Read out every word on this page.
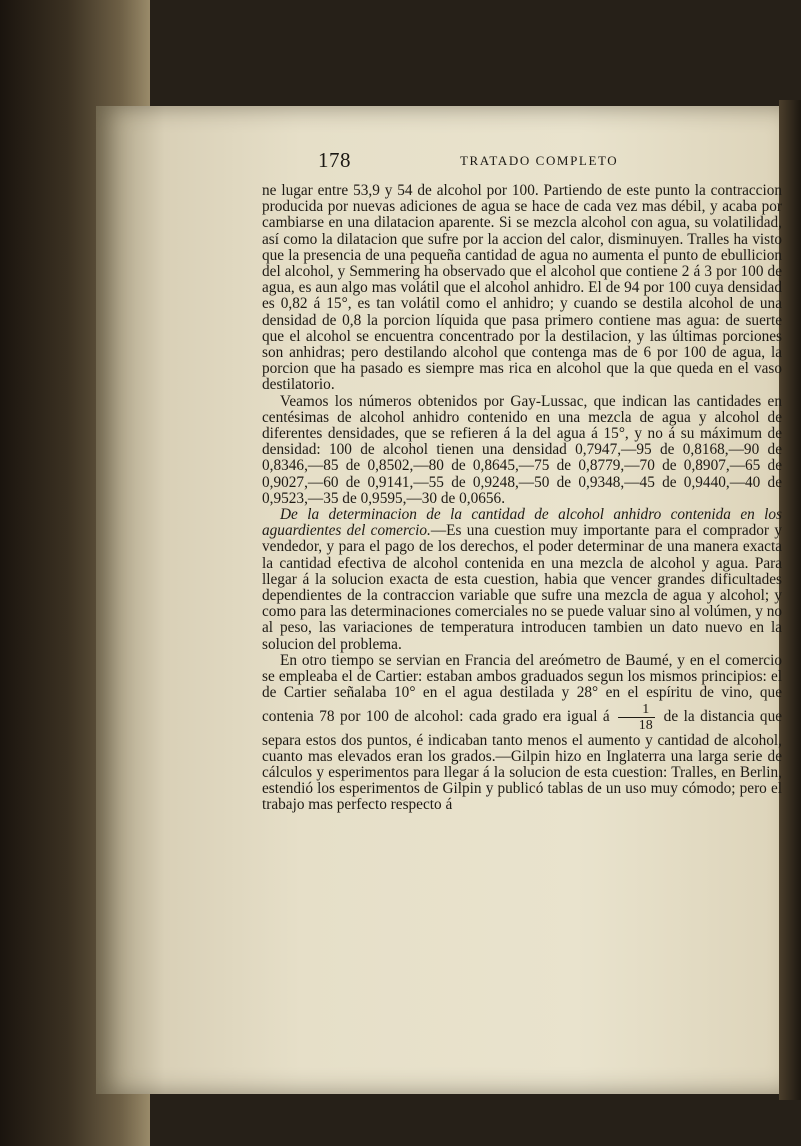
178	TRATADO COMPLETO

ne lugar entre 53,9 y 54 de alcohol por 100. Partiendo de este punto la contraccion producida por nuevas adiciones de agua se hace de cada vez mas débil, y acaba por cambiarse en una dilatacion aparente. Si se mezcla alcohol con agua, su volatilidad, así como la dilatacion que sufre por la accion del calor, disminuyen. Tralles ha visto que la presencia de una pequeña cantidad de agua no aumenta el punto de ebullicion del alcohol, y Semmering ha observado que el alcohol que contiene 2 á 3 por 100 de agua, es aun algo mas volátil que el alcohol anhidro. El de 94 por 100 cuya densidad es 0,82 á 15°, es tan volátil como el anhidro; y cuando se destila alcohol de una densidad de 0,8 la porcion líquida que pasa primero contiene mas agua: de suerte que el alcohol se encuentra concentrado por la destilacion, y las últimas porciones son anhidras; pero destilando alcohol que contenga mas de 6 por 100 de agua, la porcion que ha pasado es siempre mas rica en alcohol que la que queda en el vaso destilatorio.

Veamos los números obtenidos por Gay-Lussac, que indican las cantidades en centésimas de alcohol anhidro contenido en una mezcla de agua y alcohol de diferentes densidades, que se refieren á la del agua á 15°, y no á su máximum de densidad: 100 de alcohol tienen una densidad 0,7947,—95 de 0,8168,—90 de 0,8346,—85 de 0,8502,—80 de 0,8645,—75 de 0,8779,—70 de 0,8907,—65 de 0,9027,—60 de 0,9141,—55 de 0,9248,—50 de 0,9348,—45 de 0,9440,—40 de 0,9523,—35 de 0,9595,—30 de 0,0656.

De la determinacion de la cantidad de alcohol anhidro contenida en los aguardientes del comercio.—Es una cuestion muy importante para el comprador y vendedor, y para el pago de los derechos, el poder determinar de una manera exacta la cantidad efectiva de alcohol contenida en una mezcla de alcohol y agua. Para llegar á la solucion exacta de esta cuestion, habia que vencer grandes dificultades dependientes de la contraccion variable que sufre una mezcla de agua y alcohol; y como para las determinaciones comerciales no se puede valuar sino al volúmen, y no al peso, las variaciones de temperatura introducen tambien un dato nuevo en la solucion del problema.

En otro tiempo se servian en Francia del areómetro de Baumé, y en el comercio se empleaba el de Cartier: estaban ambos graduados segun los mismos principios: el de Cartier señalaba 10° en el agua destilada y 28° en el espíritu de vino, que contenia 78 por 100 de alcohol: cada grado era igual á $\frac{1}{18}$ de la distancia que separa estos dos puntos, é indicaban tanto menos el aumento y cantidad de alcohol, cuanto mas elevados eran los grados.—Gilpin hizo en Inglaterra una larga serie de cálculos y esperimentos para llegar á la solucion de esta cuestion: Tralles, en Berlin, estendió los esperimentos de Gilpin y publicó tablas de un uso muy cómodo; pero el trabajo mas perfecto respecto á
